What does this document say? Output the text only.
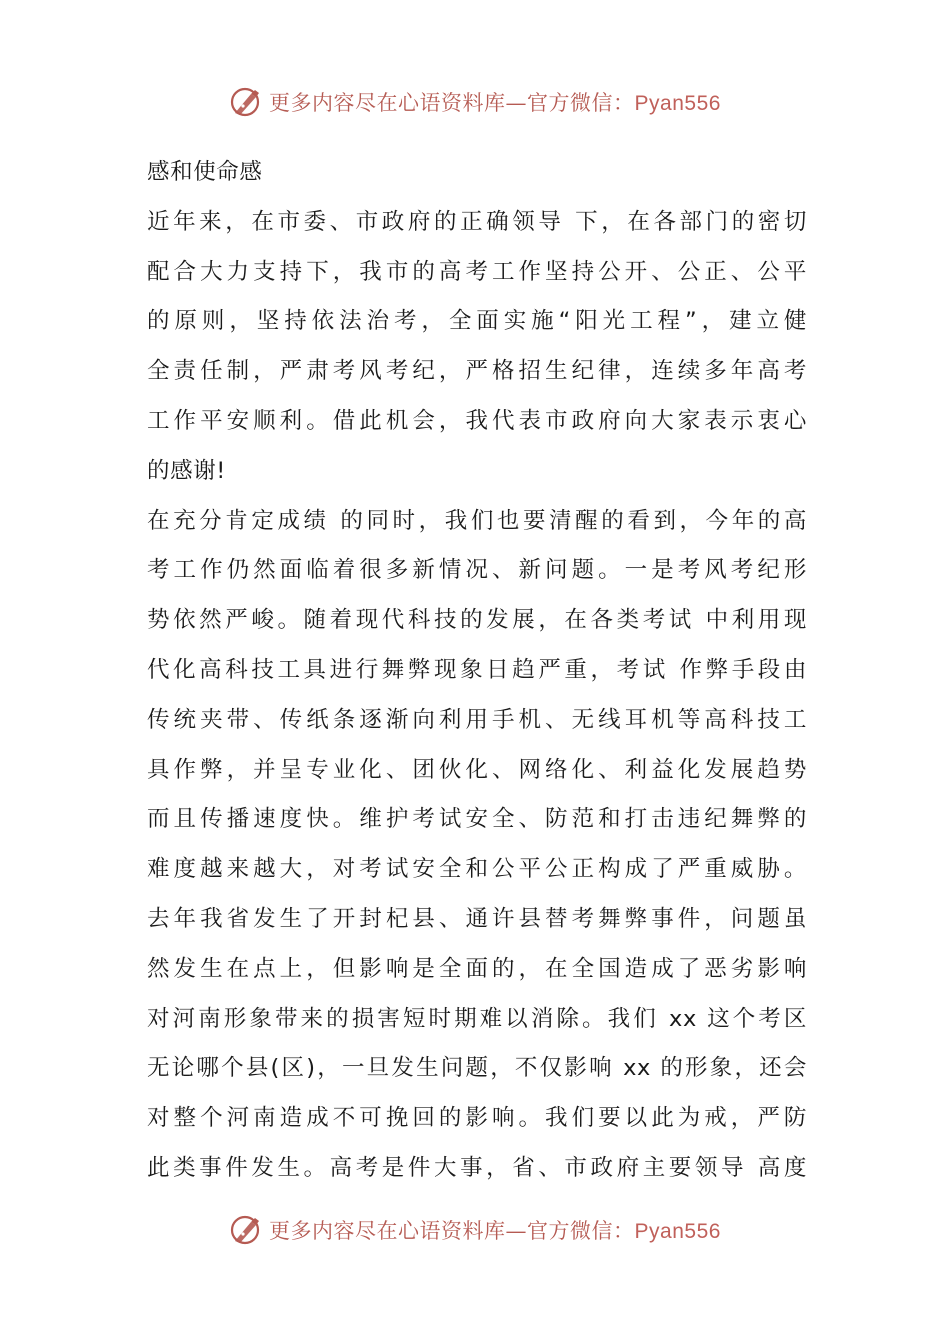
更多内容尽在心语资料库—官方微信：Pyan556
感和使命感
近年来，在市委、市政府的正确领导 下，在各部门的密切
配合大力支持下，我市的高考工作坚持公开、公正、公平
的原则，坚持依法治考，全面实施“阳光工程”，建立健
全责任制，严肃考风考纪，严格招生纪律，连续多年高考
工作平安顺利。借此机会，我代表市政府向大家表示衷心
的感谢!
在充分肯定成绩 的同时，我们也要清醒的看到，今年的高
考工作仍然面临着很多新情况、新问题。一是考风考纪形
势依然严峻。随着现代科技的发展，在各类考试 中利用现
代化高科技工具进行舞弊现象日趋严重，考试 作弊手段由
传统夹带、传纸条逐渐向利用手机、无线耳机等高科技工
具作弊，并呈专业化、团伙化、网络化、利益化发展趋势
而且传播速度快。维护考试安全、防范和打击违纪舞弊的
难度越来越大，对考试安全和公平公正构成了严重威胁。
去年我省发生了开封杞县、通许县替考舞弊事件，问题虽
然发生在点上，但影响是全面的，在全国造成了恶劣影响
对河南形象带来的损害短时期难以消除。我们 xx 这个考区
无论哪个县(区)，一旦发生问题，不仅影响 xx 的形象，还会
对整个河南造成不可挽回的影响。我们要以此为戒，严防
此类事件发生。高考是件大事，省、市政府主要领导 高度
更多内容尽在心语资料库—官方微信：Pyan556
